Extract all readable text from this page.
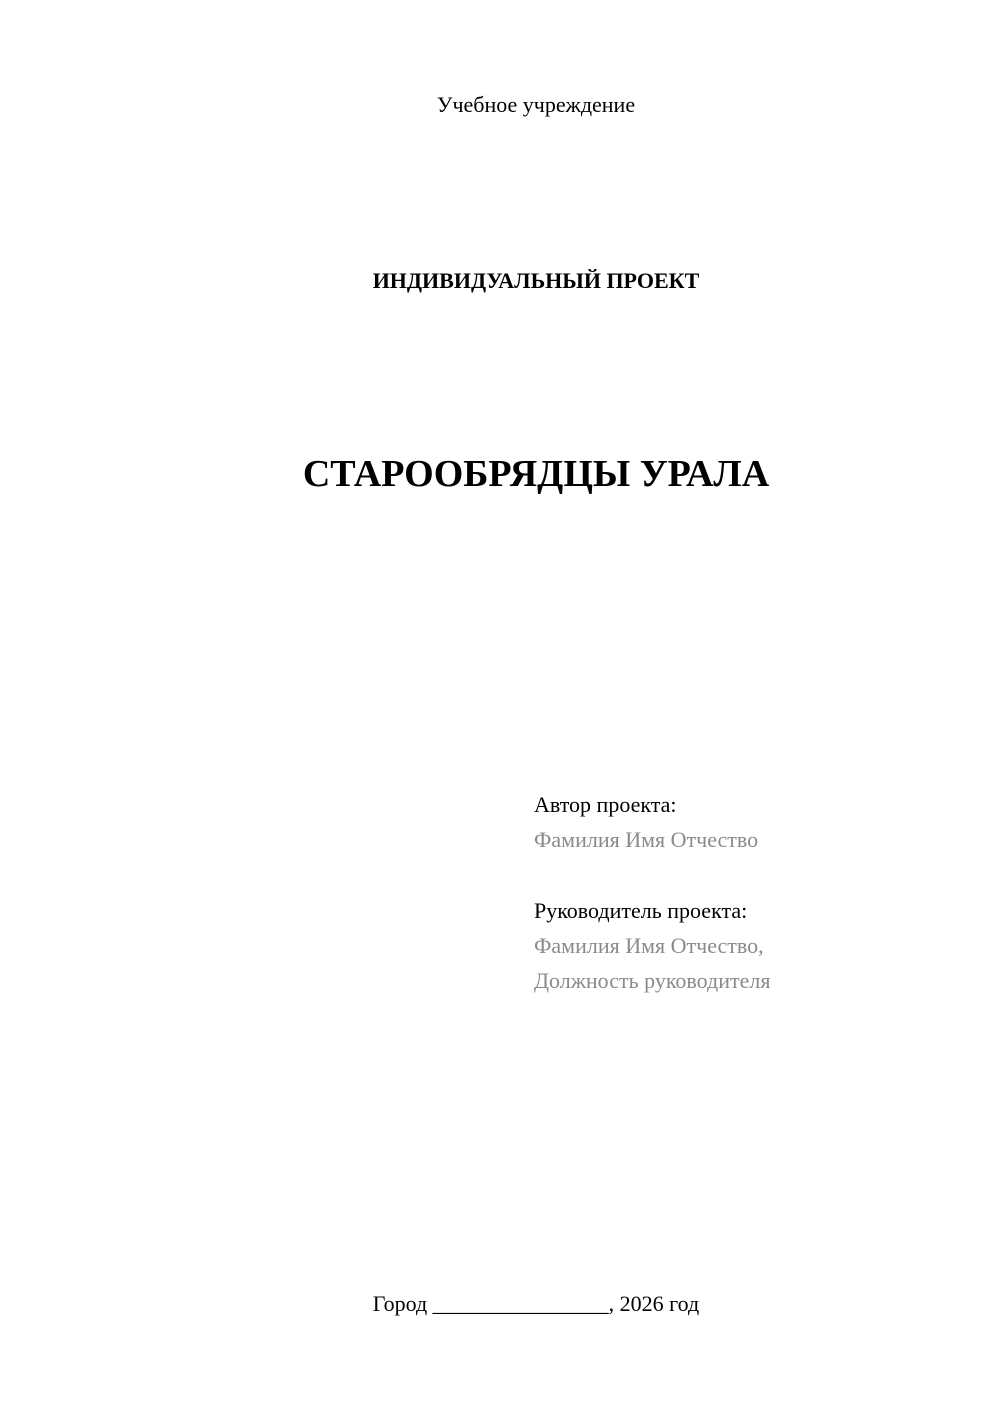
Учебное учреждение
ИНДИВИДУАЛЬНЫЙ ПРОЕКТ
СТАРООБРЯДЦЫ УРАЛА
Автор проекта:
Фамилия Имя Отчество
Руководитель проекта:
Фамилия Имя Отчество,
Должность руководителя
Город ________________, 2026 год
